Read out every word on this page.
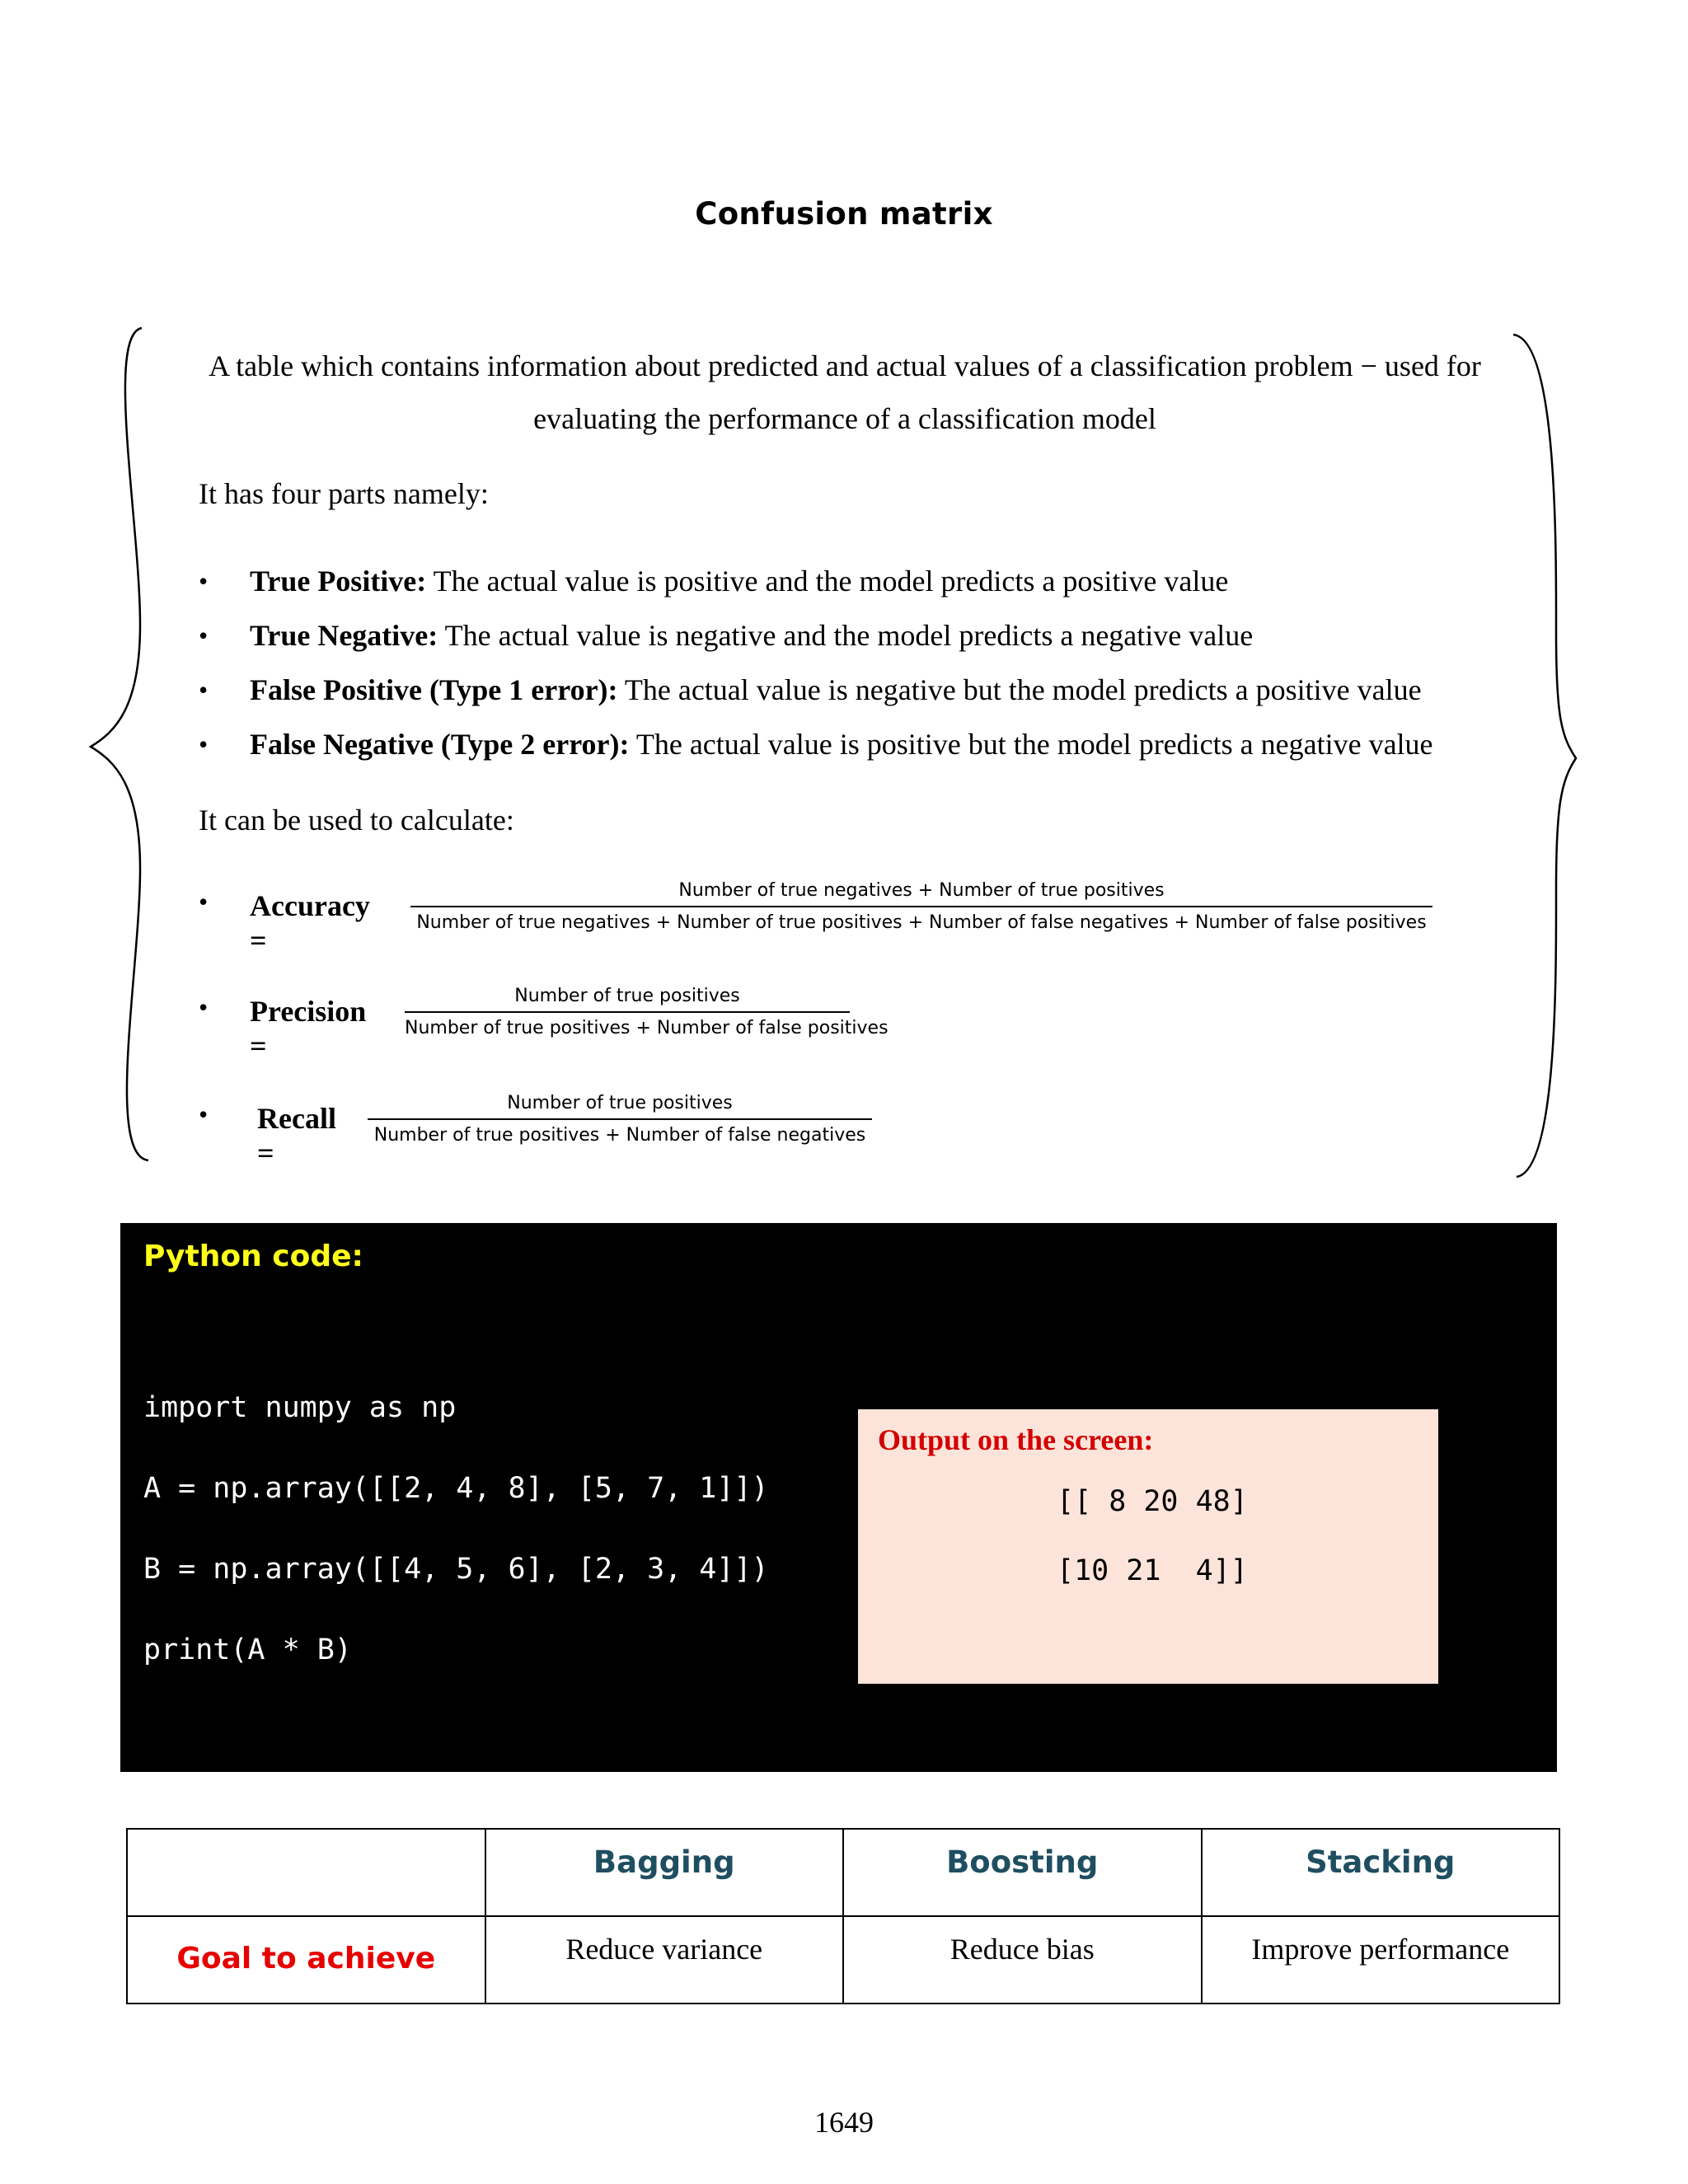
Confusion matrix
A table which contains information about predicted and actual values of a classification problem − used for evaluating the performance of a classification model
It has four parts namely:
• True Positive: The actual value is positive and the model predicts a positive value
• True Negative: The actual value is negative and the model predicts a negative value
• False Positive (Type 1 error): The actual value is negative but the model predicts a positive value
• False Negative (Type 2 error): The actual value is positive but the model predicts a negative value
It can be used to calculate:
• Accuracy =
Number of true negatives + Number of true positives
Number of true negatives + Number of true positives + Number of false negatives + Number of false positives
• Precision =
Number of true positives
Number of true positives + Number of false positives
• Recall =
Number of true positives
Number of true positives + Number of false negatives
Python code:
import numpy as np
A = np.array([[2, 4, 8], [5, 7, 1]])
B = np.array([[4, 5, 6], [2, 3, 4]])
print(A * B)
Output on the screen:
[[ 8 20 48]
[10 21  4]]

	Bagging	Boosting	Stacking

Goal to achieve	Reduce variance	Reduce bias	Improve performance
1649
